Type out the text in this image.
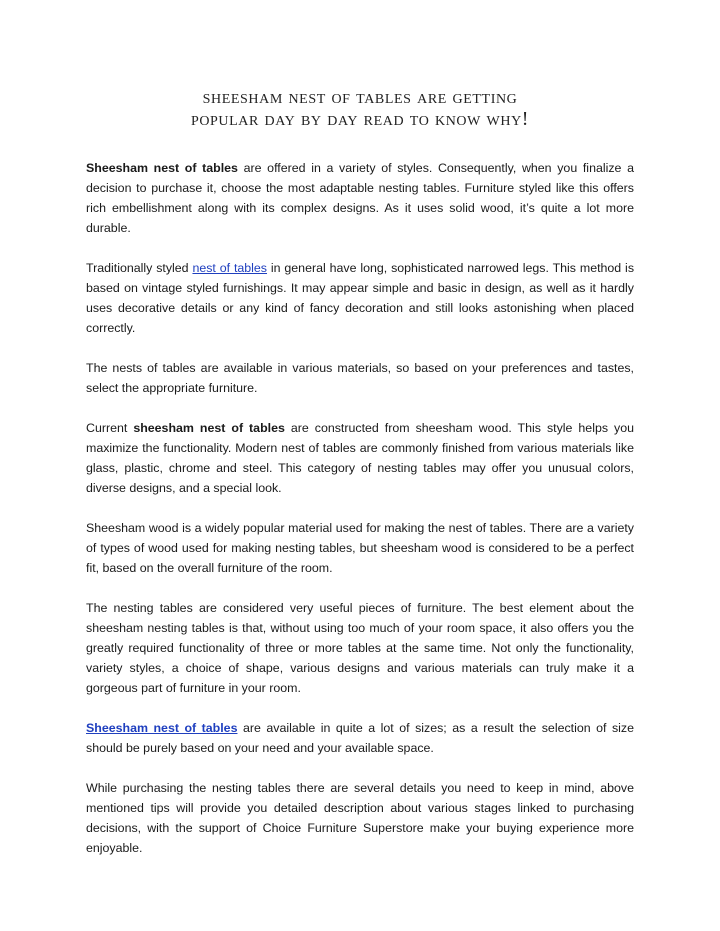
sheesham nest of tables are getting
popular day by day read to know why!

Sheesham nest of tables are offered in a variety of styles. Consequently, when you finalize a decision to purchase it, choose the most adaptable nesting tables. Furniture styled like this offers rich embellishment along with its complex designs. As it uses solid wood, it’s quite a lot more durable.

Traditionally styled nest of tables in general have long, sophisticated narrowed legs. This method is based on vintage styled furnishings. It may appear simple and basic in design, as well as it hardly uses decorative details or any kind of fancy decoration and still looks astonishing when placed correctly.

The nests of tables are available in various materials, so based on your preferences and tastes, select the appropriate furniture.

Current sheesham nest of tables are constructed from sheesham wood. This style helps you maximize the functionality. Modern nest of tables are commonly finished from various materials like glass, plastic, chrome and steel. This category of nesting tables may offer you unusual colors, diverse designs, and a special look.

Sheesham wood is a widely popular material used for making the nest of tables. There are a variety of types of wood used for making nesting tables, but sheesham wood is considered to be a perfect fit, based on the overall furniture of the room.

The nesting tables are considered very useful pieces of furniture. The best element about the sheesham nesting tables is that, without using too much of your room space, it also offers you the greatly required functionality of three or more tables at the same time. Not only the functionality, variety styles, a choice of shape, various designs and various materials can truly make it a gorgeous part of furniture in your room.

Sheesham nest of tables are available in quite a lot of sizes; as a result the selection of size should be purely based on your need and your available space.

While purchasing the nesting tables there are several details you need to keep in mind, above mentioned tips will provide you detailed description about various stages linked to purchasing decisions, with the support of Choice Furniture Superstore make your buying experience more enjoyable.
